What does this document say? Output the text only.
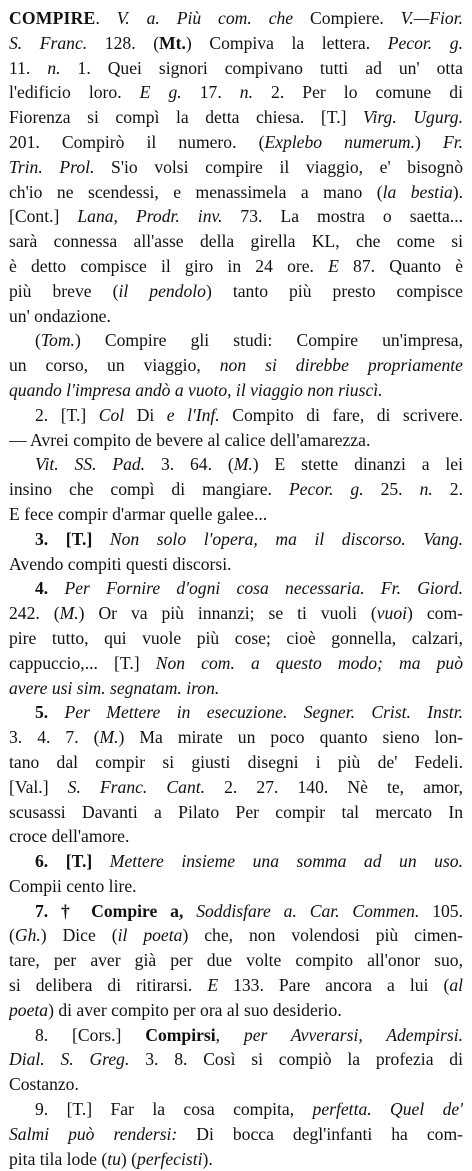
COMPIRE. V. a. Più com. che Compiere. V.—Fior.
S. Franc. 128. (Mt.) Compiva la lettera. Pecor. g.
11. n. 1. Quei signori compivano tutti ad un' otta
l'edificio loro. E g. 17. n. 2. Per lo comune di
Fiorenza si compì la detta chiesa. [T.] Virg. Ugurg.
201. Compirò il numero. (Explebo numerum.) Fr.
Trin. Prol. S'io volsi compire il viaggio, e' bisognò
ch'io ne scendessi, e menassimela a mano (la bestia).
[Cont.] Lana, Prodr. inv. 73. La mostra o saetta...
sarà connessa all'asse della girella KL, che come si
è detto compisce il giro in 24 ore. E 87. Quanto è
più breve (il pendolo) tanto più presto compisce
un' ondazione.
(Tom.) Compire gli studi: Compire un'impresa,
un corso, un viaggio, non si direbbe propriamente
quando l'impresa andò a vuoto, il viaggio non riuscì.
2. [T.] Col Di e l'Inf. Compito di fare, di scrivere.
— Avrei compito de bevere al calice dell'amarezza.
Vit. SS. Pad. 3. 64. (M.) E stette dinanzi a lei
insino che compì di mangiare. Pecor. g. 25. n. 2.
E fece compir d'armar quelle galee...
3. [T.] Non solo l'opera, ma il discorso. Vang.
Avendo compiti questi discorsi.
4. Per Fornire d'ogni cosa necessaria. Fr. Giord.
242. (M.) Or va più innanzi; se ti vuoli (vuoi) com-
pire tutto, qui vuole più cose; cioè gonnella, calzari,
cappuccio,... [T.] Non com. a questo modo; ma può
avere usi sim. segnatam. iron.
5. Per Mettere in esecuzione. Segner. Crist. Instr.
3. 4. 7. (M.) Ma mirate un poco quanto sieno lon-
tano dal compir si giusti disegni i più de' Fedeli.
[Val.] S. Franc. Cant. 2. 27. 140. Nè te, amor,
scusassi Davanti a Pilato Per compir tal mercato In
croce dell'amore.
6. [T.] Mettere insieme una somma ad un uso.
Compii cento lire.
7. † Compire a, Soddisfare a. Car. Commen. 105.
(Gh.) Dice (il poeta) che, non volendosi più cimen-
tare, per aver già per due volte compito all'onor suo,
si delibera di ritirarsi. E 133. Pare ancora a lui (al
poeta) di aver compito per ora al suo desiderio.
8. [Cors.] Compirsi, per Avverarsi, Adempirsi.
Dial. S. Greg. 3. 8. Così si compiò la profezia di
Costanzo.
9. [T.] Far la cosa compita, perfetta. Quel de'
Salmi può rendersi: Di bocca degl'infanti ha com-
pita tila lode (tu) (perfecisti).
